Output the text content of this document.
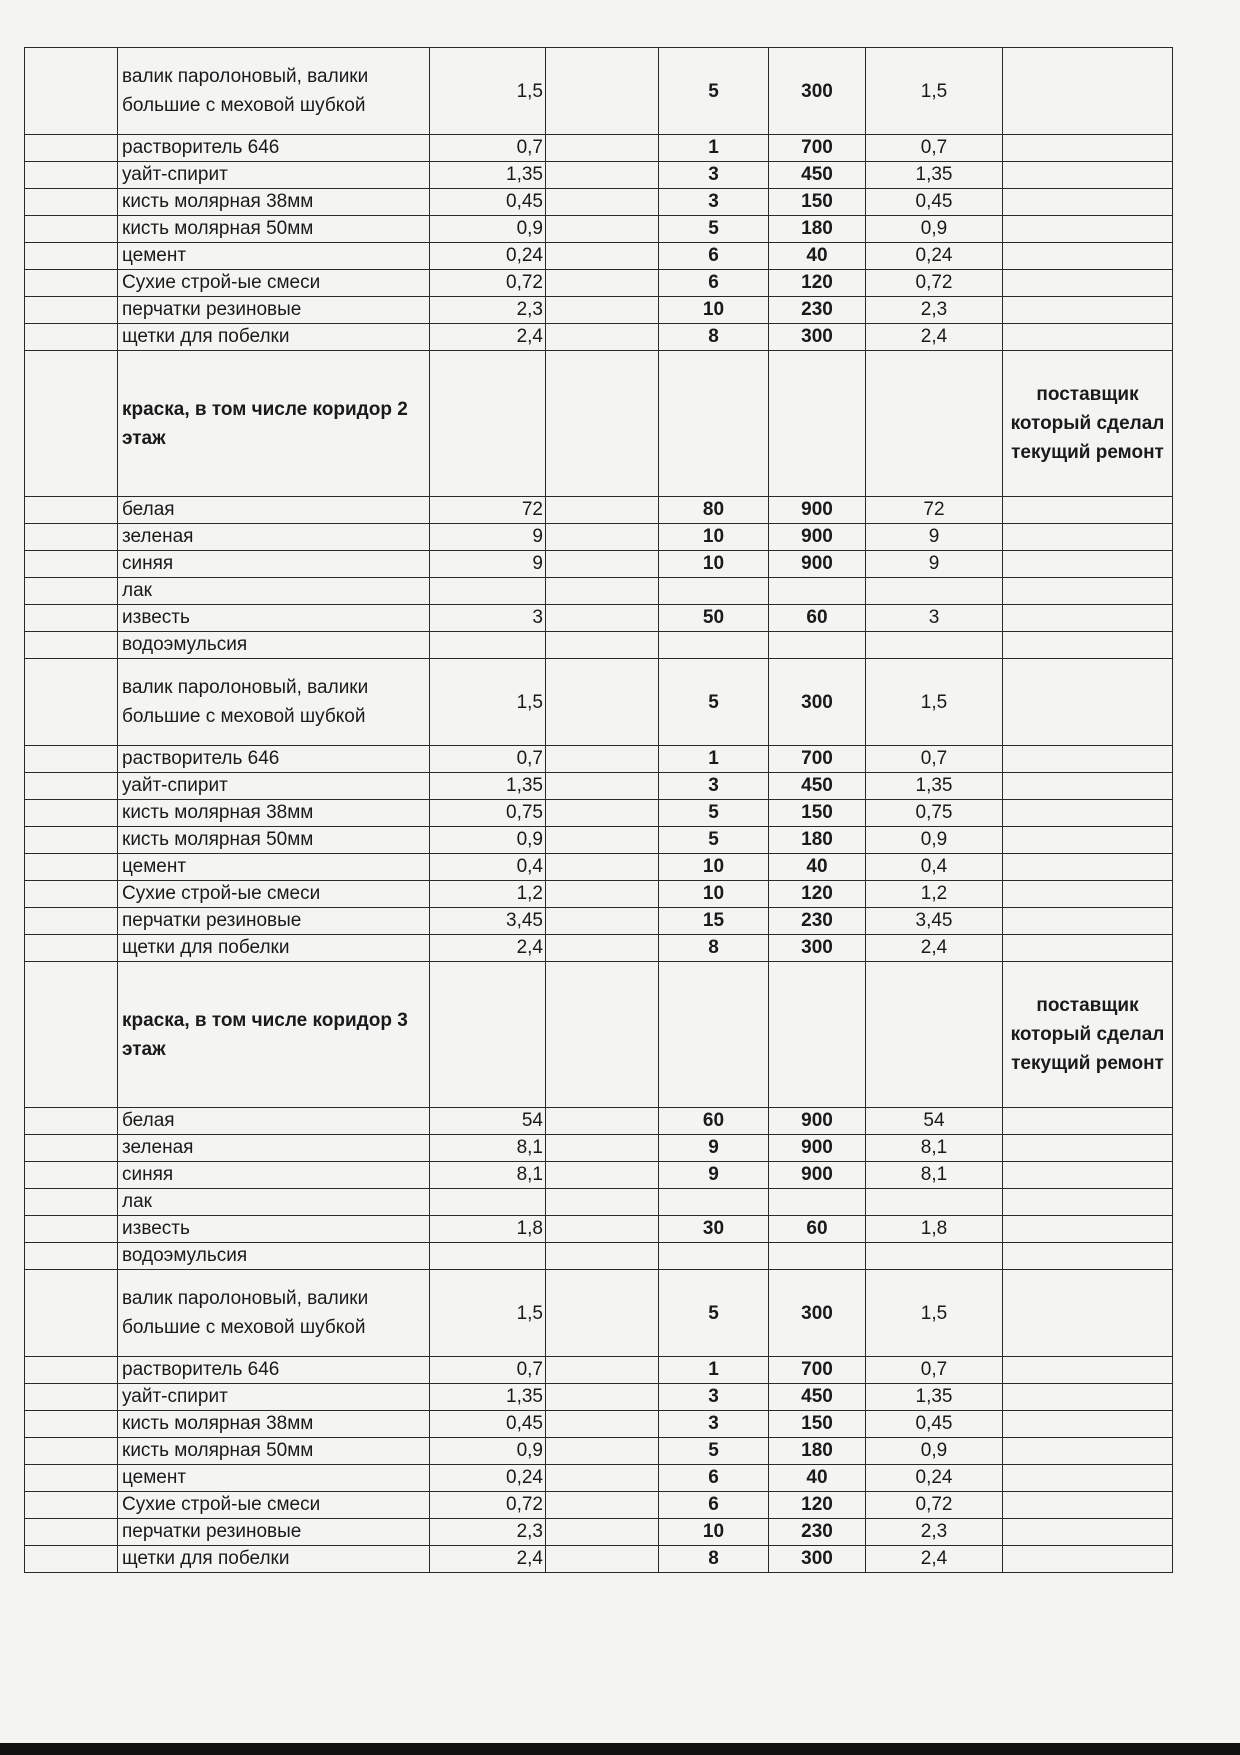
	валик паролоновый, валики большие с меховой шубкой	1,5		5	300	1,5	
	растворитель 646	0,7		1	700	0,7	
	уайт-спирит	1,35		3	450	1,35	
	кисть молярная 38мм	0,45		3	150	0,45	
	кисть молярная 50мм	0,9		5	180	0,9	
	цемент	0,24		6	40	0,24	
	Сухие строй-ые смеси	0,72		6	120	0,72	
	перчатки резиновые	2,3		10	230	2,3	
	щетки для побелки	2,4		8	300	2,4	
	краска, в том числе коридор 2 этаж						поставщик который сделал текущий ремонт
	белая	72		80	900	72	
	зеленая	9		10	900	9	
	синяя	9		10	900	9	
	лак						
	известь	3		50	60	3	
	водоэмульсия						
	валик паролоновый, валики большие с меховой шубкой	1,5		5	300	1,5	
	растворитель 646	0,7		1	700	0,7	
	уайт-спирит	1,35		3	450	1,35	
	кисть молярная 38мм	0,75		5	150	0,75	
	кисть молярная 50мм	0,9		5	180	0,9	
	цемент	0,4		10	40	0,4	
	Сухие строй-ые смеси	1,2		10	120	1,2	
	перчатки резиновые	3,45		15	230	3,45	
	щетки для побелки	2,4		8	300	2,4	
	краска, в том числе коридор 3 этаж						поставщик который сделал текущий ремонт
	белая	54		60	900	54	
	зеленая	8,1		9	900	8,1	
	синяя	8,1		9	900	8,1	
	лак						
	известь	1,8		30	60	1,8	
	водоэмульсия						
	валик паролоновый, валики большие с меховой шубкой	1,5		5	300	1,5	
	растворитель 646	0,7		1	700	0,7	
	уайт-спирит	1,35		3	450	1,35	
	кисть молярная 38мм	0,45		3	150	0,45	
	кисть молярная 50мм	0,9		5	180	0,9	
	цемент	0,24		6	40	0,24	
	Сухие строй-ые смеси	0,72		6	120	0,72	
	перчатки резиновые	2,3		10	230	2,3	
	щетки для побелки	2,4		8	300	2,4	
